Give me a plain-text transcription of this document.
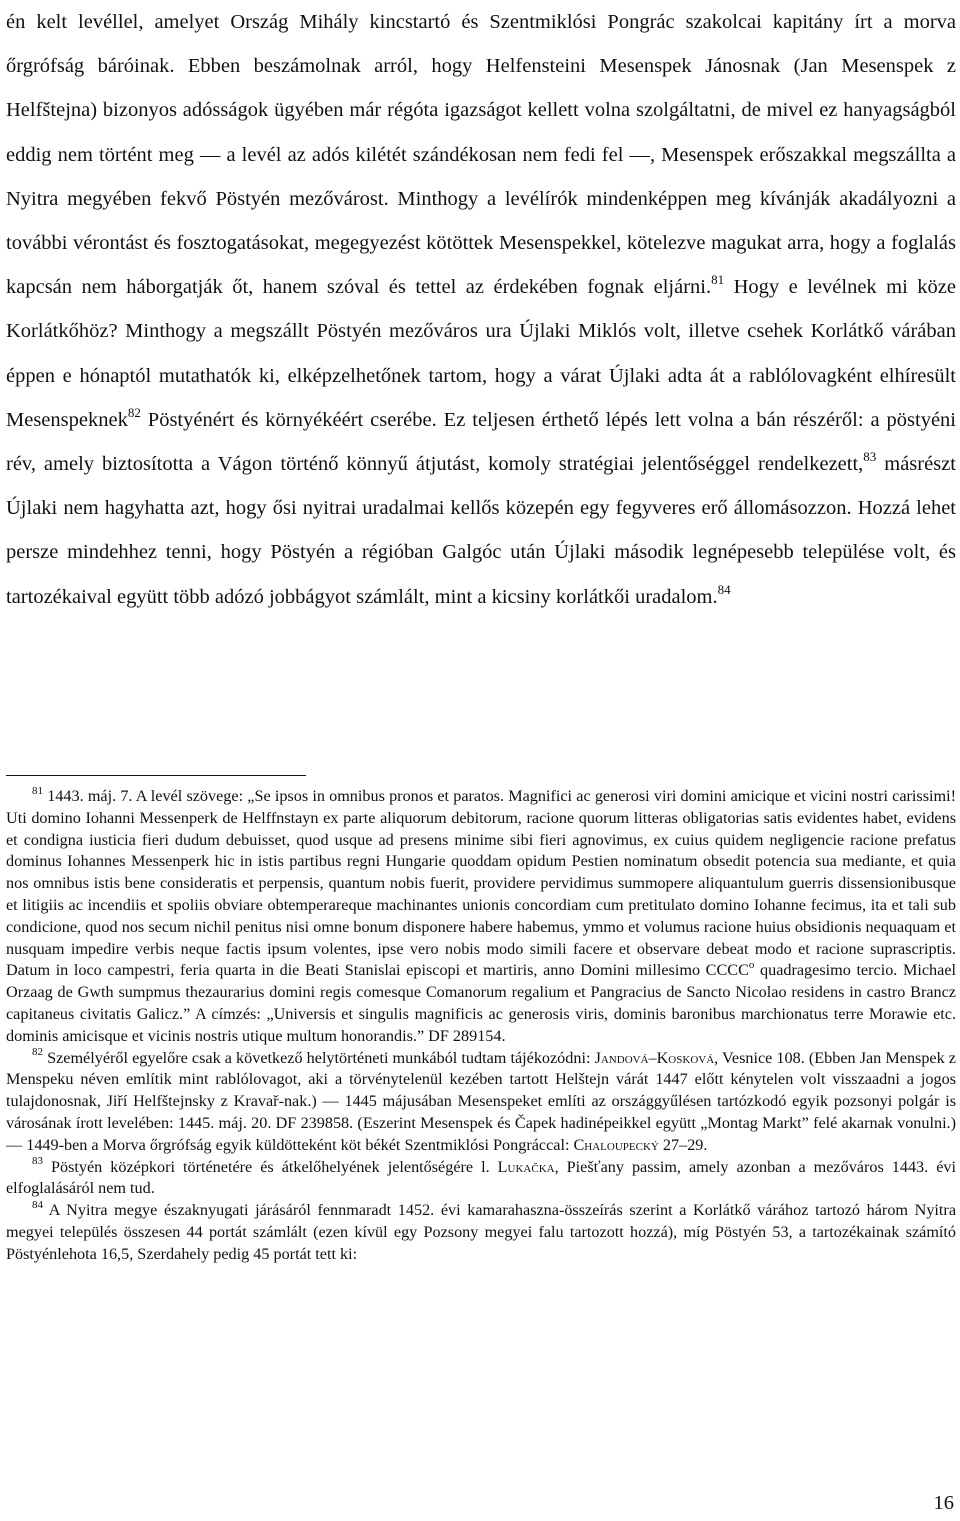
én kelt levéllel, amelyet Ország Mihály kincstartó és Szentmiklósi Pongrác szakolcai kapitány írt a morva őrgrófság báróinak. Ebben beszámolnak arról, hogy Helfensteini Mesenspek Jánosnak (Jan Mesenspek z Helfštejna) bizonyos adósságok ügyében már régóta igazságot kellett volna szolgáltatni, de mivel ez hanyagságból eddig nem történt meg — a levél az adós kilétét szándékosan nem fedi fel —, Mesenspek erőszakkal megszállta a Nyitra megyében fekvő Pöstyén mezővárost. Minthogy a levélírók mindenképpen meg kívánják akadályozni a további vérontást és fosztogatásokat, megegyezést kötöttek Mesenspekkel, kötelezve magukat arra, hogy a foglalás kapcsán nem háborgatják őt, hanem szóval és tettel az érdekében fognak eljárni.$^{81}$ Hogy e levélnek mi köze Korlátkőhöz? Minthogy a megszállt Pöstyén mezőváros ura Újlaki Miklós volt, illetve csehek Korlátkő várában éppen e hónaptól mutathatók ki, elképzelhetőnek tartom, hogy a várat Újlaki adta át a rablólovagként elhíresült Mesenspeknek$^{82}$ Pöstyénért és környékéért cserébe. Ez teljesen érthető lépés lett volna a bán részéről: a pöstyéni rév, amely biztosította a Vágon történő könnyű átjutást, komoly stratégiai jelentőséggel rendelkezett,$^{83}$ másrészt Újlaki nem hagyhatta azt, hogy ősi nyitrai uradalmai kellős közepén egy fegyveres erő állomásozzon. Hozzá lehet persze mindehhez tenni, hogy Pöstyén a régióban Galgóc után Újlaki második legnépesebb települése volt, és tartozékaival együtt több adózó jobbágyot számlált, mint a kicsiny korlátkői uradalom.$^{84}$

$^{81}$ 1443. máj. 7. A levél szövege: „Se ipsos in omnibus pronos et paratos. Magnifici ac generosi viri domini amicique et vicini nostri carissimi! Uti domino Iohanni Messenperk de Helffnstayn ex parte aliquorum debitorum, racione quorum litteras obligatorias satis evidentes habet, evidens et condigna iusticia fieri dudum debuisset, quod usque ad presens minime sibi fieri agnovimus, ex cuius quidem negligencie racione prefatus dominus Iohannes Messenperk hic in istis partibus regni Hungarie quoddam opidum Pestien nominatum obsedit potencia sua mediante, et quia nos omnibus istis bene consideratis et perpensis, quantum nobis fuerit, providere pervidimus summopere aliquantulum guerris dissensionibusque et litigiis ac incendiis et spoliis obviare obtemperareque machinantes unionis concordiam cum pretitulato domino Iohanne fecimus, ita et tali sub condicione, quod nos secum nichil penitus nisi omne bonum disponere habere habemus, ymmo et volumus racione huius obsidionis nequaquam et nusquam impedire verbis neque factis ipsum volentes, ipse vero nobis modo simili facere et observare debeat modo et racione suprascriptis. Datum in loco campestri, feria quarta in die Beati Stanislai episcopi et martiris, anno Domini millesimo CCCC$^o$ quadragesimo tercio. Michael Orzaag de Gwth sumpmus thezaurarius domini regis comesque Comanorum regalium et Pangracius de Sancto Nicolao residens in castro Brancz capitaneus civitatis Galicz.” A címzés: „Universis et singulis magnificis ac generosis viris, dominis baronibus marchionatus terre Morawie etc. dominis amicisque et vicinis nostris utique multum honorandis.” DF 289154.

$^{82}$ Személyéről egyelőre csak a következő helytörténeti munkából tudtam tájékozódni: Jandová–Kosková, Vesnice 108. (Ebben Jan Menspek z Menspeku néven említik mint rablólovagot, aki a törvénytelenül kezében tartott Helštejn várát 1447 előtt kénytelen volt visszaadni a jogos tulajdonosnak, Jiří Helfštejnsky z Kravař-nak.) — 1445 májusában Mesenspeket említi az országgyűlésen tartózkodó egyik pozsonyi polgár is városának írott levelében: 1445. máj. 20. DF 239858. (Eszerint Mesenspek és Čapek hadinépeikkel együtt „Montag Markt” felé akarnak vonulni.) — 1449-ben a Morva őrgrófság egyik küldötteként köt békét Szentmiklósi Pongráccal: Chaloupecký 27–29.

$^{83}$ Pöstyén középkori történetére és átkelőhelyének jelentőségére l. Lukačka, Piešťany passim, amely azonban a mezőváros 1443. évi elfoglalásáról nem tud.

$^{84}$ A Nyitra megye északnyugati járásáról fennmaradt 1452. évi kamarahaszna-összeírás szerint a Korlátkő várához tartozó három Nyitra megyei település összesen 44 portát számlált (ezen kívül egy Pozsony megyei falu tartozott hozzá), míg Pöstyén 53, a tartozékainak számító Pöstyénlehota 16,5, Szerdahely pedig 45 portát tett ki:

16
